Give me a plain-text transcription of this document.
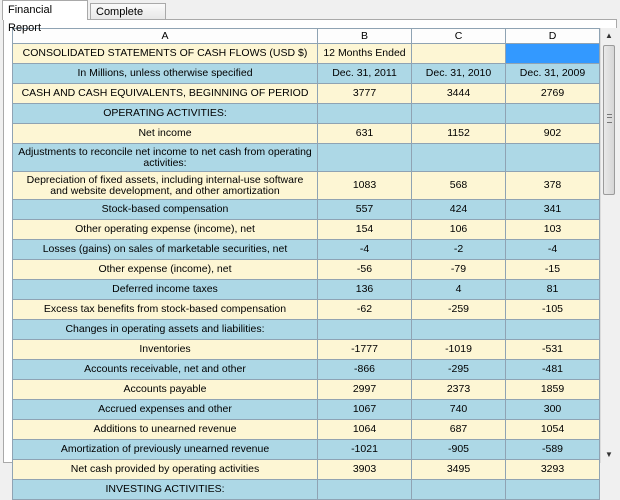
Financial Report
Complete
A	B	C	D
CONSOLIDATED STATEMENTS OF CASH FLOWS (USD $)	12 Months Ended
In Millions, unless otherwise specified	Dec. 31, 2011	Dec. 31, 2010	Dec. 31, 2009
CASH AND CASH EQUIVALENTS, BEGINNING OF PERIOD	3777	3444	2769
OPERATING ACTIVITIES:
Net income	631	1152	902
Adjustments to reconcile net income to net cash from operating activities:
Depreciation of fixed assets, including internal-use software and website development, and other amortization	1083	568	378
Stock-based compensation	557	424	341
Other operating expense (income), net	154	106	103
Losses (gains) on sales of marketable securities, net	-4	-2	-4
Other expense (income), net	-56	-79	-15
Deferred income taxes	136	4	81
Excess tax benefits from stock-based compensation	-62	-259	-105
Changes in operating assets and liabilities:
Inventories	-1777	-1019	-531
Accounts receivable, net and other	-866	-295	-481
Accounts payable	2997	2373	1859
Accrued expenses and other	1067	740	300
Additions to unearned revenue	1064	687	1054
Amortization of previously unearned revenue	-1021	-905	-589
Net cash provided by operating activities	3903	3495	3293
INVESTING ACTIVITIES:
▲
▼
